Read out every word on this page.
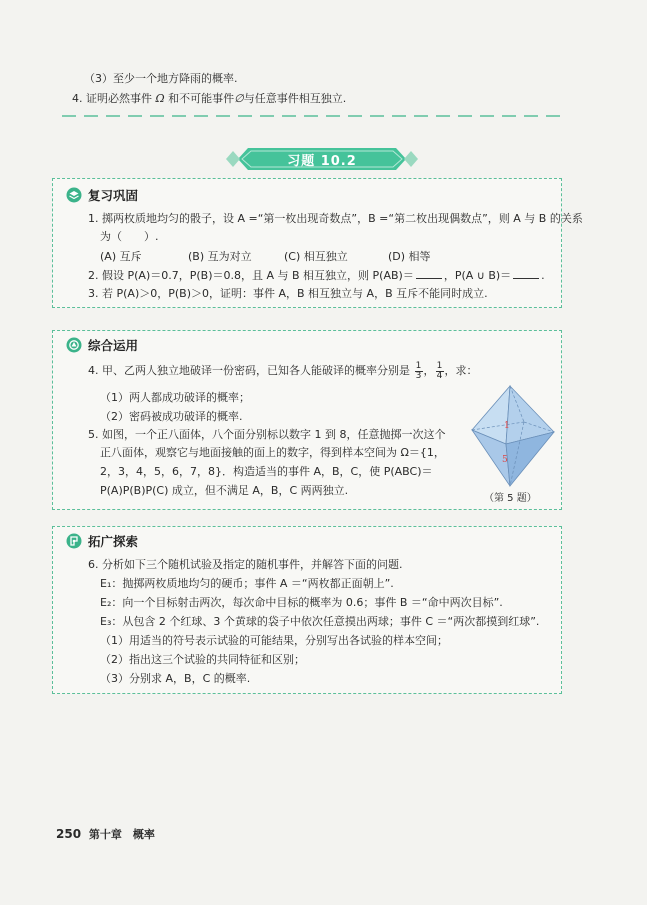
（3）至少一个地方降雨的概率.
4. 证明必然事件 Ω 和不可能事件∅与任意事件相互独立.
习题 10.2
复习巩固
1. 掷两枚质地均匀的骰子，设 A =“第一枚出现奇数点”，B =“第二枚出现偶数点”，则 A 与 B 的关系
为（　　）.
(A) 互斥	(B) 互为对立	(C) 相互独立	(D) 相等
2. 假设 P(A)＝0.7，P(B)＝0.8，且 A 与 B 相互独立，则 P(AB)＝	，P(A ∪ B)＝	.
3. 若 P(A)＞0，P(B)＞0，证明：事件 A，B 相互独立与 A，B 互斥不能同时成立.
综合运用
4. 甲、乙两人独立地破译一份密码，已知各人能破译的概率分别是 $\frac{1}{3}$ ， $\frac{1}{4}$ ，求：
（1）两人都成功破译的概率；
（2）密码被成功破译的概率.
5. 如图，一个正八面体，八个面分别标以数字 1 到 8，任意抛掷一次这个
正八面体，观察它与地面接触的面上的数字，得到样本空间为 Ω＝{1，
2，3，4，5，6，7，8}．构造适当的事件 A，B，C，使 P(ABC)＝
P(A)P(B)P(C) 成立，但不满足 A，B，C 两两独立.
1
5
（第 5 题）
拓广探索
6. 分析如下三个随机试验及指定的随机事件，并解答下面的问题.
E₁：抛掷两枚质地均匀的硬币；事件 A ＝“两枚都正面朝上”.
E₂：向一个目标射击两次，每次命中目标的概率为 0.6；事件 B ＝“命中两次目标”.
E₃：从包含 2 个红球、3 个黄球的袋子中依次任意摸出两球；事件 C ＝“两次都摸到红球”.
（1）用适当的符号表示试验的可能结果，分别写出各试验的样本空间；
（2）指出这三个试验的共同特征和区别；
（3）分别求 A，B，C 的概率.
250 第十章　概率
